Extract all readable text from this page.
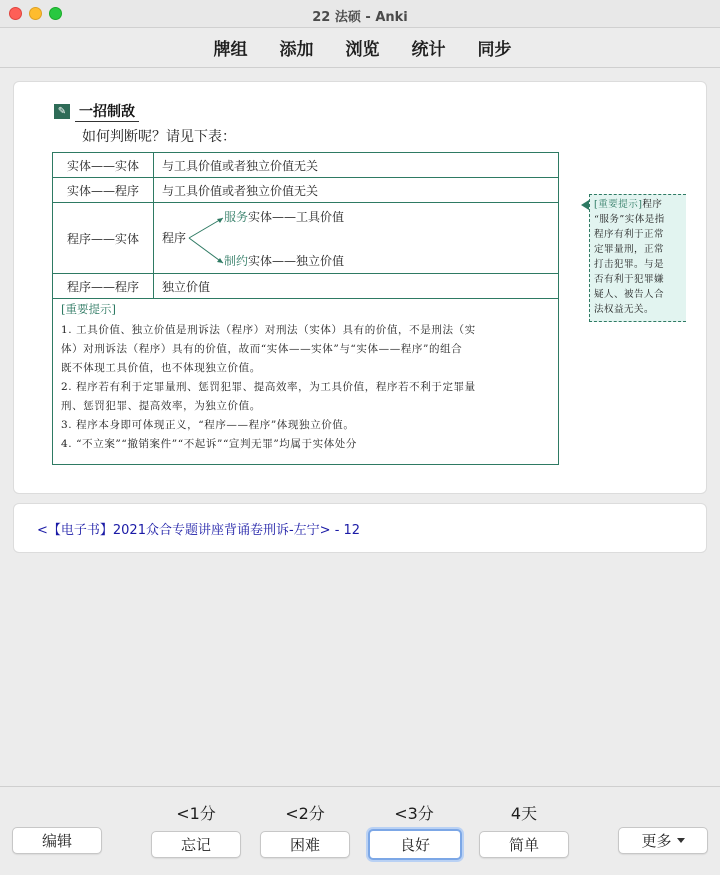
22 法硕 - Anki
牌组 添加 浏览 统计 同步
✎ 一招制敌
如何判断呢？请见下表：
实体——实体	与工具价值或者独立价值无关
实体——程序	与工具价值或者独立价值无关
程序——实体	程序
服务实体——工具价值
制约实体——独立价值
程序——程序	独立价值
[重要提示]
1. 工具价值、独立价值是刑诉法（程序）对刑法（实体）具有的价值，不是刑法（实
体）对刑诉法（程序）具有的价值，故而“实体——实体”与“实体——程序”的组合
既不体现工具价值，也不体现独立价值。
2. 程序若有利于定罪量刑、惩罚犯罪、提高效率，为工具价值，程序若不利于定罪量
刑、惩罚犯罪、提高效率，为独立价值。
3. 程序本身即可体现正义，“程序——程序”体现独立价值。
4. “不立案”“撤销案件”“不起诉”“宣判无罪”均属于实体处分
[重要提示]程序
“服务”实体是指
程序有利于正常
定罪量刑，正常
打击犯罪。与是
否有利于犯罪嫌
疑人、被告人合
法权益无关。
<【电子书】2021众合专题讲座背诵卷刑诉-左宁> - 12
<1分	<2分	<3分	4天
编辑	忘记	困难	良好	简单	更多
